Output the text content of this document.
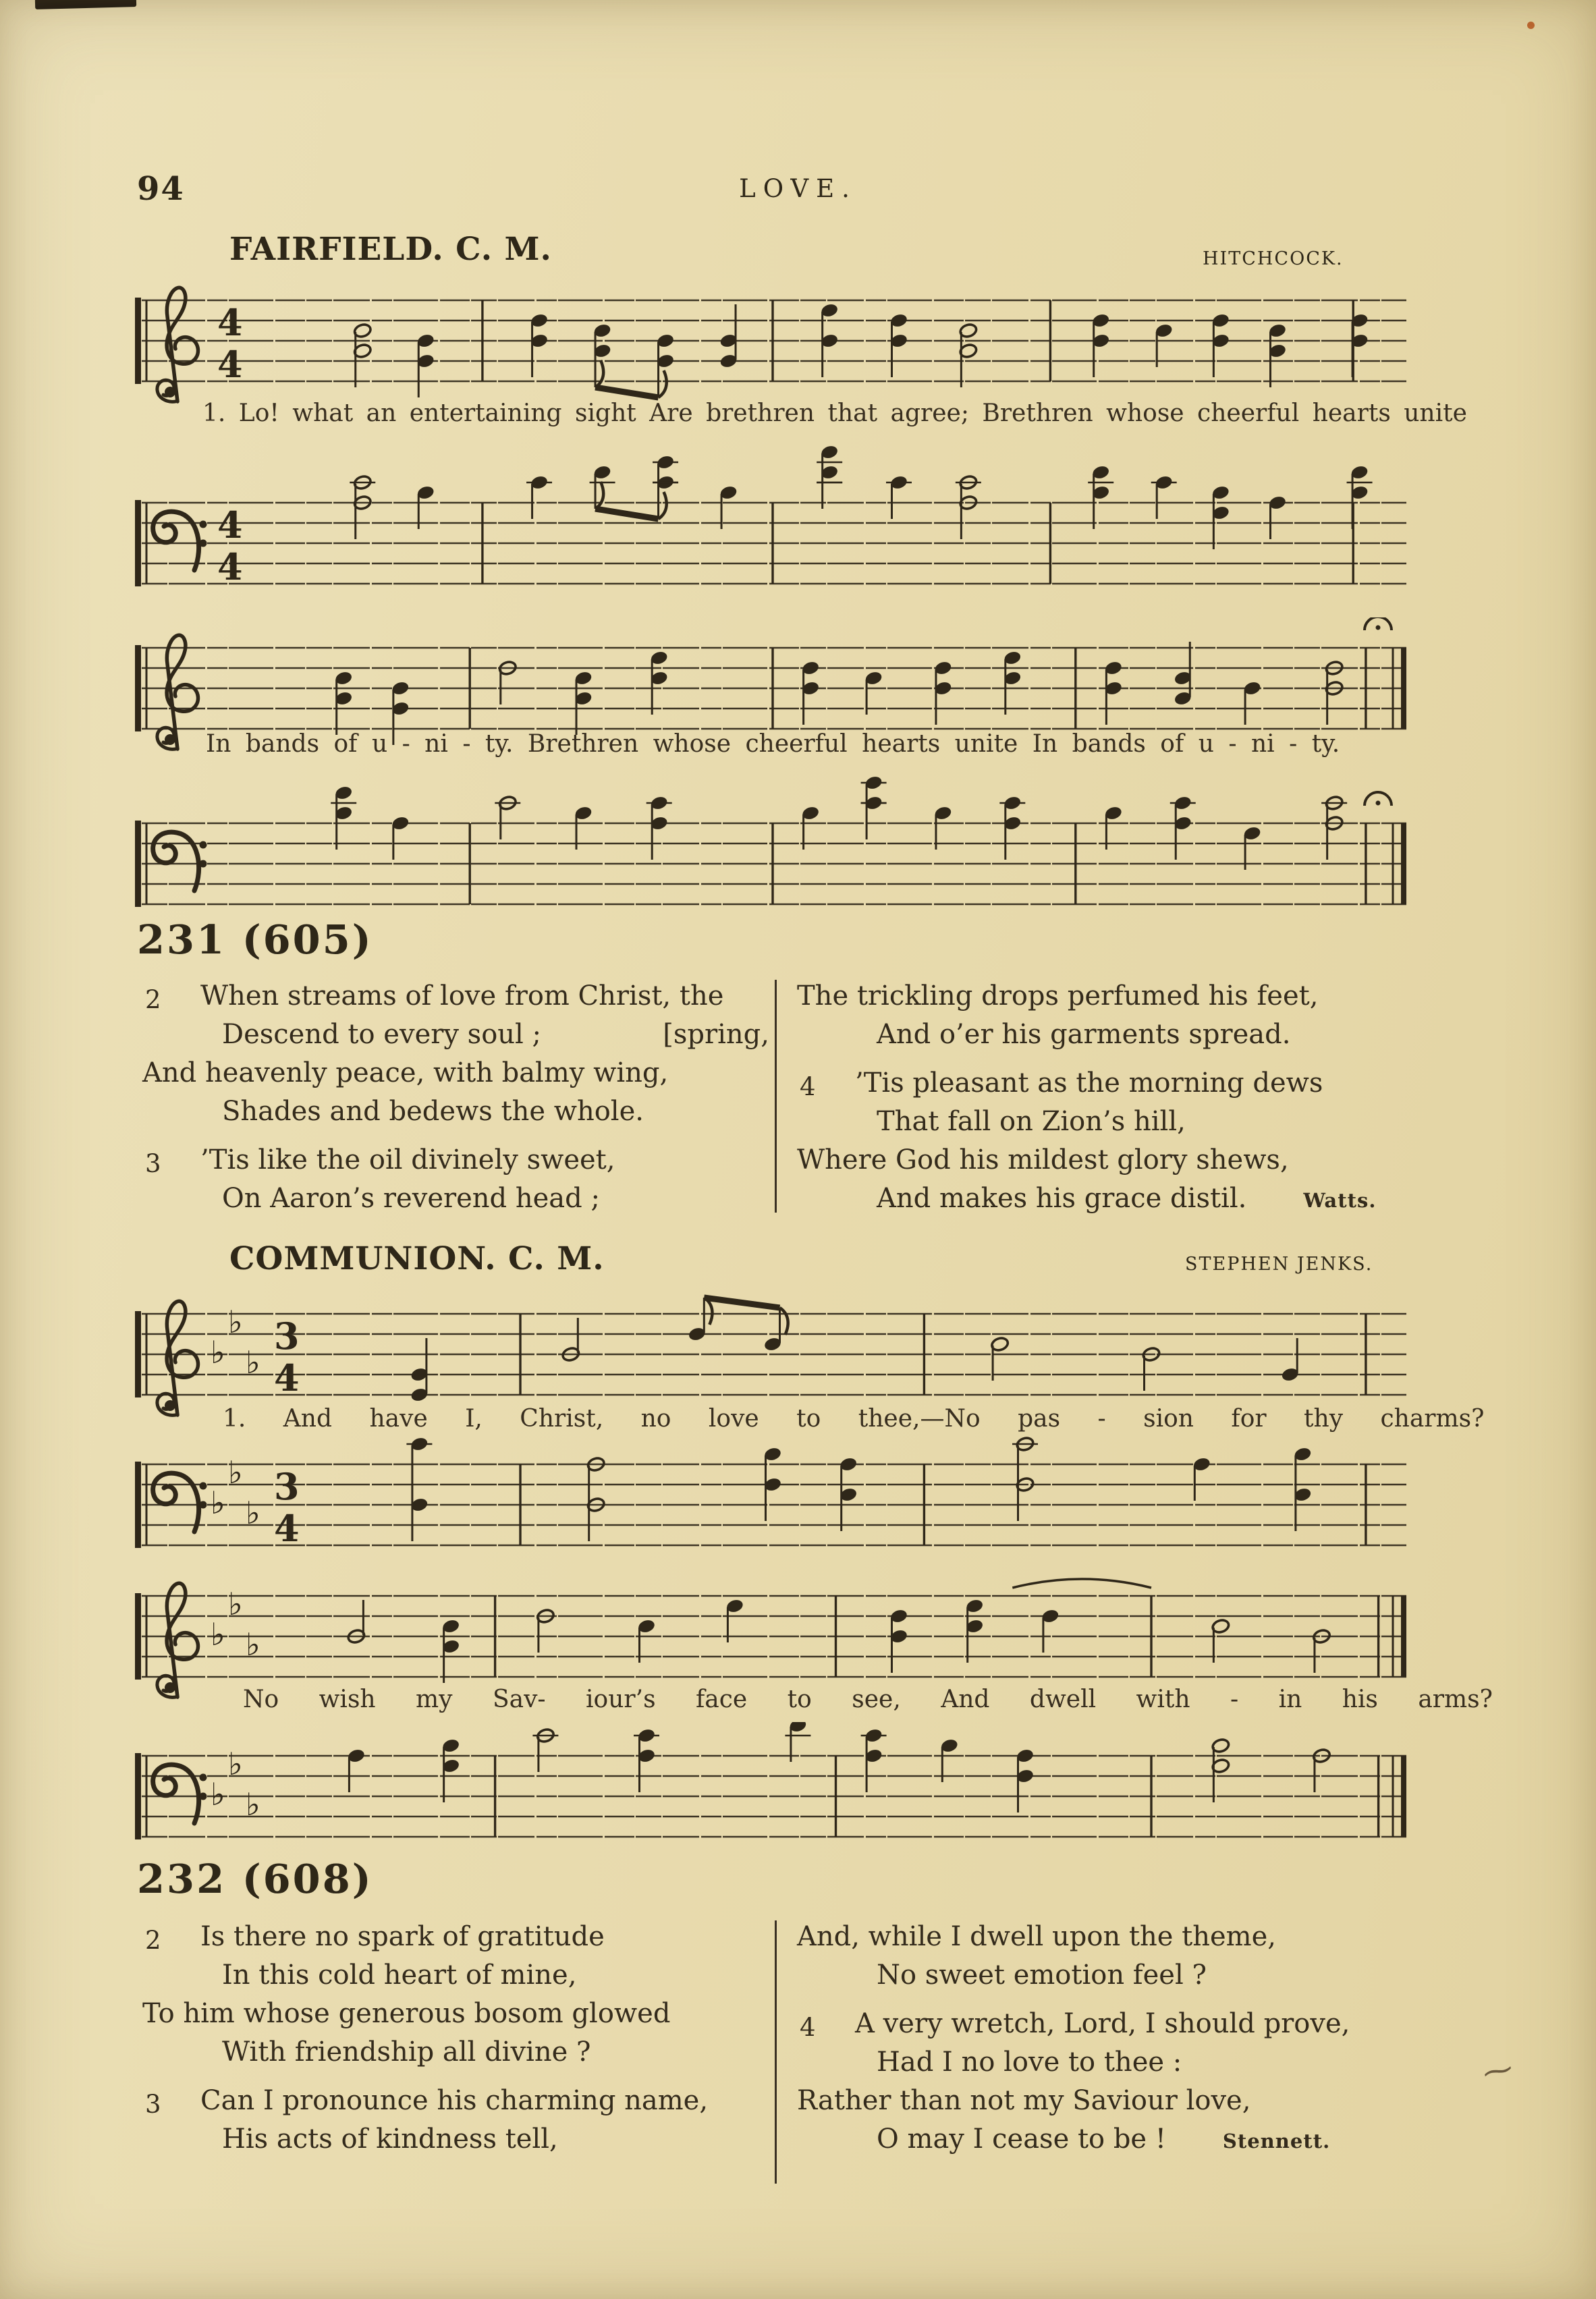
⁓
94	LOVE.
FAIRFIELD. C. M.	HITCHCOCK.
4
4
1. Lo! what an entertaining sight Are brethren that agree; Brethren whose cheerful hearts unite
4
4
In bands of u - ni - ty. Brethren whose cheerful hearts unite In bands of u - ni - ty.
231 (605)
2 When streams of love from Christ, the
Descend to every soul ;	[spring,
And heavenly peace, with balmy wing,
Shades and bedews the whole.
3 ’Tis like the oil divinely sweet,
On Aaron’s reverend head ;
The trickling drops perfumed his feet,
And o’er his garments spread.
4 ’Tis pleasant as the morning dews
That fall on Zion’s hill,
Where God his mildest glory shews,
And makes his grace distil.	Watts.
COMMUNION. C. M.	STEPHEN JENKS.
♭
♭
♭
3
4
1. And have I, Christ, no love to thee,—No pas - sion for thy charms?
♭
♭
♭
3
4
♭
♭
♭
No wish my Sav- iour’s face to see, And dwell with - in his arms?
♭
♭
♭
232 (608)
2 Is there no spark of gratitude
In this cold heart of mine,
To him whose generous bosom glowed
With friendship all divine ?
3 Can I pronounce his charming name,
His acts of kindness tell,
And, while I dwell upon the theme,
No sweet emotion feel ?
4 A very wretch, Lord, I should prove,
Had I no love to thee :
Rather than not my Saviour love,
O may I cease to be !	Stennett.
